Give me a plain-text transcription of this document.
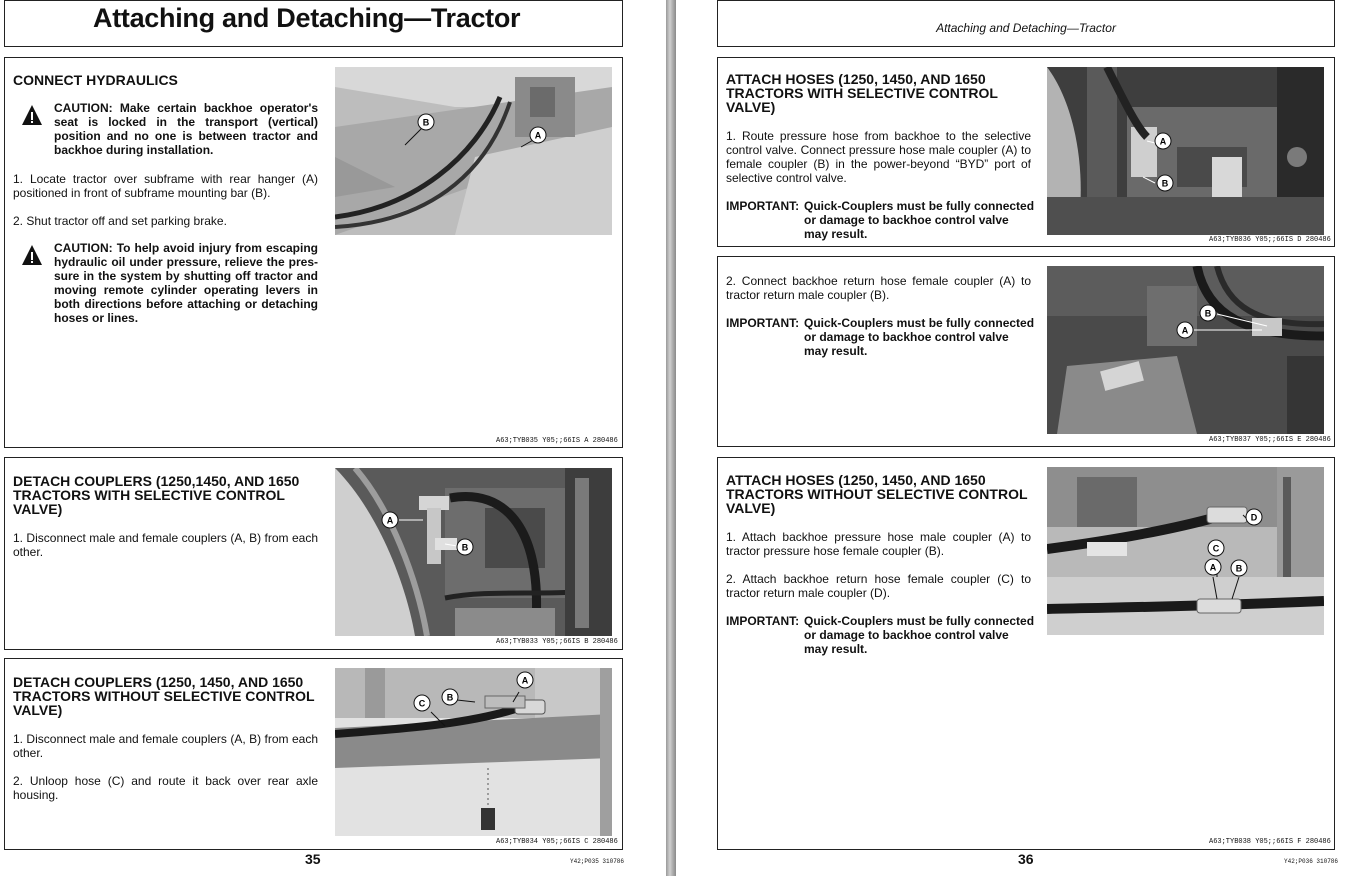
Attaching and Detaching—Tractor
CONNECT HYDRAULICS
CAUTION: Make certain backhoe operator's seat is locked in the transport (vertical) position and no one is between tractor and backhoe during installation.
1. Locate tractor over subframe with rear hanger (A) positioned in front of subframe mounting bar (B).
2. Shut tractor off and set parking brake.
CAUTION: To help avoid injury from escaping hydraulic oil under pressure, relieve the pres-sure in the system by shutting off tractor and moving remote cylinder operating levers in both directions before attaching or detaching hoses or lines.
B
A
A63;TYB035 Y05;;66IS A 280486
DETACH COUPLERS (1250,1450, AND 1650
TRACTORS WITH SELECTIVE CONTROL
VALVE)
1. Disconnect male and female couplers (A, B) from each other.
A
B
A63;TYB033 Y05;;66IS B 280486
DETACH COUPLERS (1250, 1450, AND 1650
TRACTORS WITHOUT SELECTIVE CONTROL
VALVE)
1. Disconnect male and female couplers (A, B) from each other.
2. Unloop hose (C) and route it back over rear axle housing.
C
B
A
A63;TYB034 Y05;;66IS C 280486
35	Y42;P035 310786
Attaching and Detaching—Tractor
ATTACH HOSES (1250, 1450, AND 1650
TRACTORS WITH SELECTIVE CONTROL
VALVE)
1. Route pressure hose from backhoe to the selective control valve. Connect pressure hose male coupler (A) to female coupler (B) in the power-beyond “BYD” port of selective control valve.
IMPORTANT: Quick-Couplers must be fully connected or damage to backhoe control valve may result.
A
B
A63;TYB036 Y05;;66IS D 280486
2. Connect backhoe return hose female coupler (A) to tractor return male coupler (B).
IMPORTANT: Quick-Couplers must be fully connected or damage to backhoe control valve may result.
B
A
A63;TYB037 Y05;;66IS E 280486
ATTACH HOSES (1250, 1450, AND 1650
TRACTORS WITHOUT SELECTIVE CONTROL
VALVE)
1. Attach backhoe pressure hose male coupler (A) to tractor pressure hose female coupler (B).
2. Attach backhoe return hose female coupler (C) to tractor return male coupler (D).
IMPORTANT: Quick-Couplers must be fully connected or damage to backhoe control valve may result.
D
C
A B
A63;TYB038 Y05;;66IS F 280486
36	Y42;P036 310786
